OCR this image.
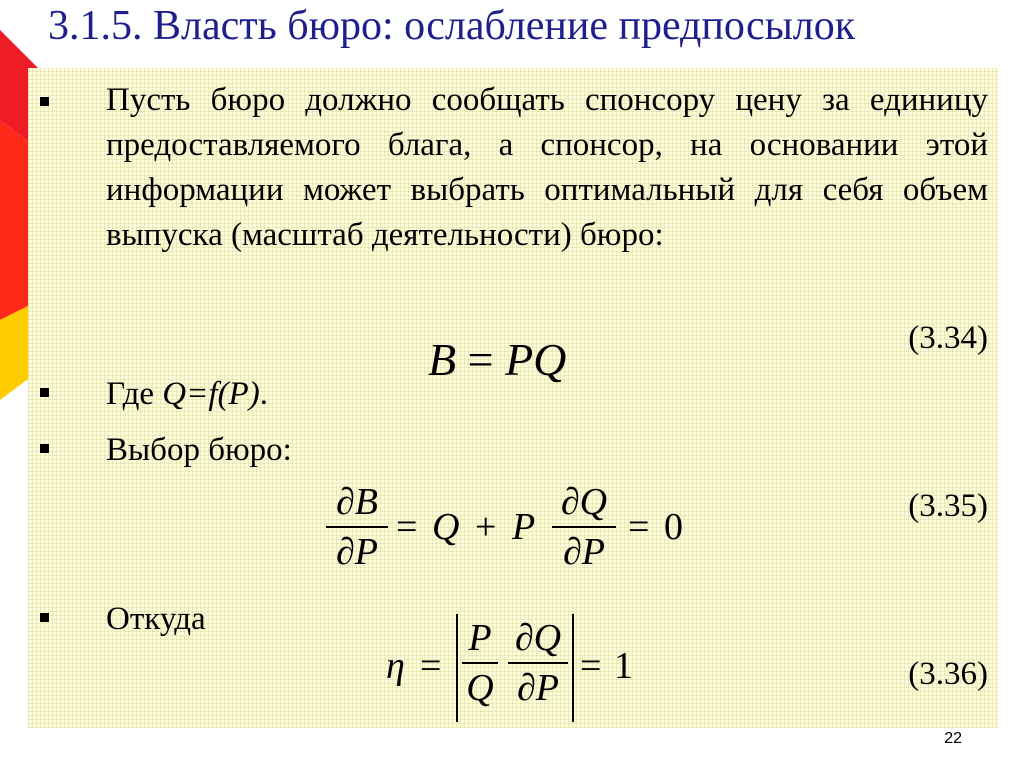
3.1.5. Власть бюро: ослабление предпосылок
Пусть бюро должно сообщать спонсору цену за единицу предоставляемого блага, а спонсор, на основании этой информации может выбрать оптимальный для себя объем выпуска (масштаб деятельности) бюро:
(3.34)
B = PQ
Где Q=f(P).
Выбор бюро:
(3.35)
∂B
∂P
= Q + P
∂Q
∂P
= 0
Откуда
(3.36)
η =
P
Q
∂Q
∂P
= 1
22
